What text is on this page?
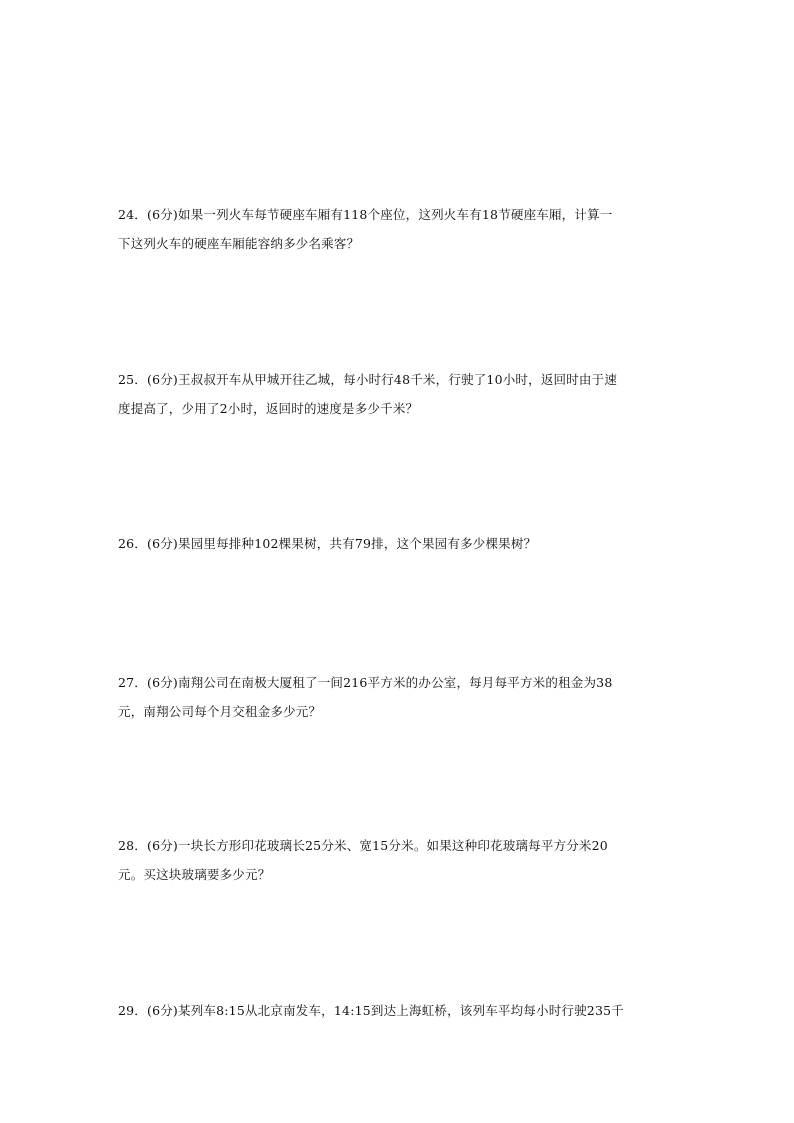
24．(6分)如果一列火车每节硬座车厢有118个座位，这列火车有18节硬座车厢，计算一
下这列火车的硬座车厢能容纳多少名乘客？
25．(6分)王叔叔开车从甲城开往乙城，每小时行48千米，行驶了10小时，返回时由于速
度提高了，少用了2小时，返回时的速度是多少千米？
26．(6分)果园里每排种102棵果树，共有79排，这个果园有多少棵果树？
27．(6分)南翔公司在南极大厦租了一间216平方米的办公室，每月每平方米的租金为38
元，南翔公司每个月交租金多少元？
28．(6分)一块长方形印花玻璃长25分米、宽15分米。如果这种印花玻璃每平方分米20
元。买这块玻璃要多少元？
29．(6分)某列车8:15从北京南发车，14:15到达上海虹桥，该列车平均每小时行驶235千
